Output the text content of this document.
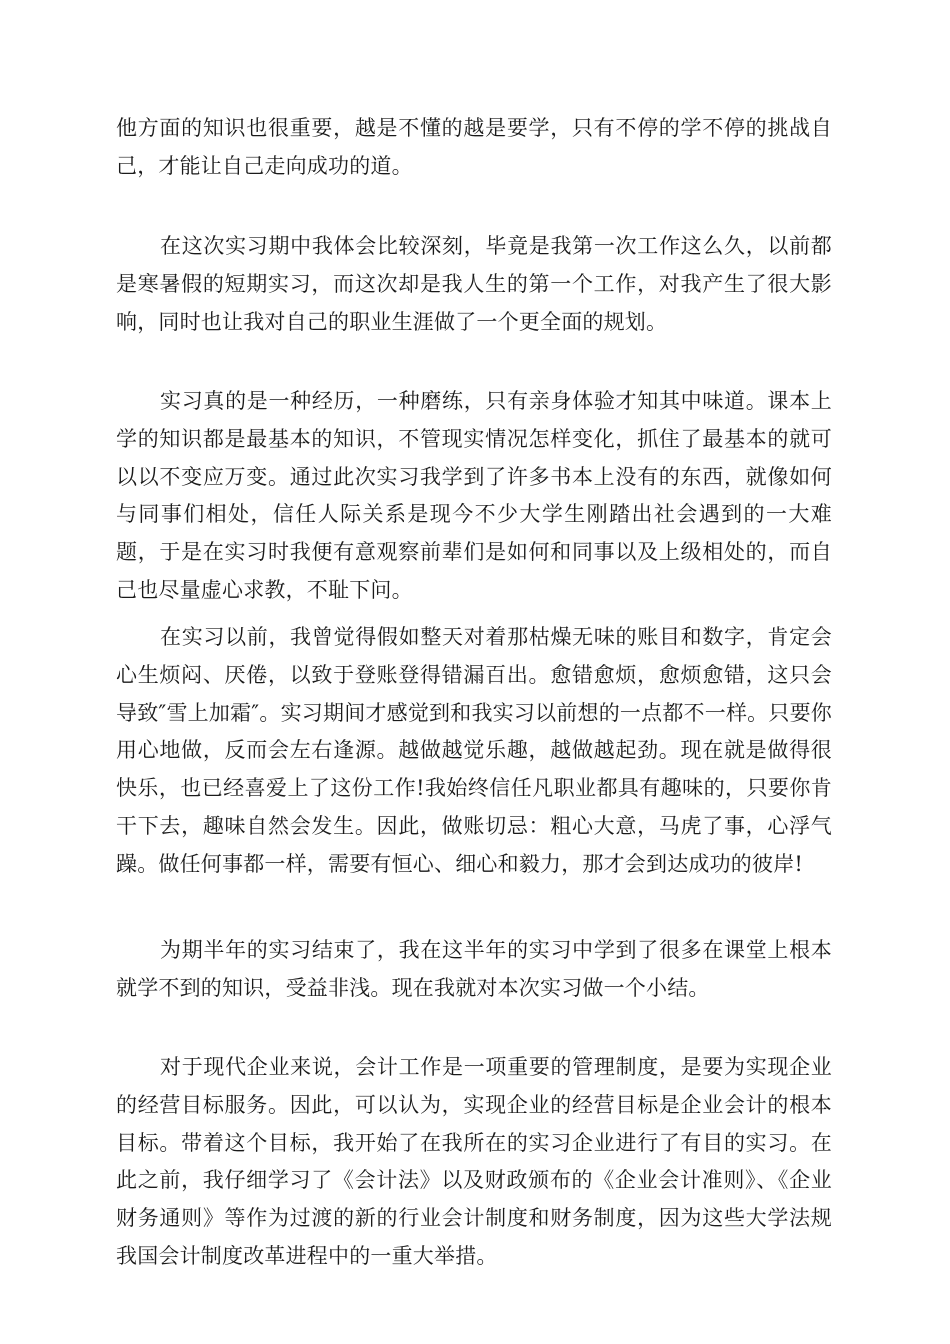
他方面的知识也很重要，越是不懂的越是要学，只有不停的学不停的挑战自己，才能让自己走向成功的道。

在这次实习期中我体会比较深刻，毕竟是我第一次工作这么久，以前都是寒暑假的短期实习，而这次却是我人生的第一个工作，对我产生了很大影响，同时也让我对自己的职业生涯做了一个更全面的规划。

实习真的是一种经历，一种磨练，只有亲身体验才知其中味道。课本上学的知识都是最基本的知识，不管现实情况怎样变化，抓住了最基本的就可以以不变应万变。通过此次实习我学到了许多书本上没有的东西，就像如何与同事们相处，信任人际关系是现今不少大学生刚踏出社会遇到的一大难题，于是在实习时我便有意观察前辈们是如何和同事以及上级相处的，而自己也尽量虚心求教，不耻下问。

在实习以前，我曾觉得假如整天对着那枯燥无味的账目和数字，肯定会心生烦闷、厌倦，以致于登账登得错漏百出。愈错愈烦，愈烦愈错，这只会导致″雪上加霜″。实习期间才感觉到和我实习以前想的一点都不一样。只要你用心地做，反而会左右逢源。越做越觉乐趣，越做越起劲。现在就是做得很快乐，也已经喜爱上了这份工作!我始终信任凡职业都具有趣味的，只要你肯干下去，趣味自然会发生。因此，做账切忌：粗心大意，马虎了事，心浮气躁。做任何事都一样，需要有恒心、细心和毅力，那才会到达成功的彼岸!

为期半年的实习结束了，我在这半年的实习中学到了很多在课堂上根本就学不到的知识，受益非浅。现在我就对本次实习做一个小结。

对于现代企业来说，会计工作是一项重要的管理制度，是要为实现企业的经营目标服务。因此，可以认为，实现企业的经营目标是企业会计的根本目标。带着这个目标，我开始了在我所在的实习企业进行了有目的实习。在此之前，我仔细学习了《会计法》以及财政颁布的《企业会计准则》、《企业财务通则》等作为过渡的新的行业会计制度和财务制度，因为这些大学法规我国会计制度改革进程中的一重大举措。
